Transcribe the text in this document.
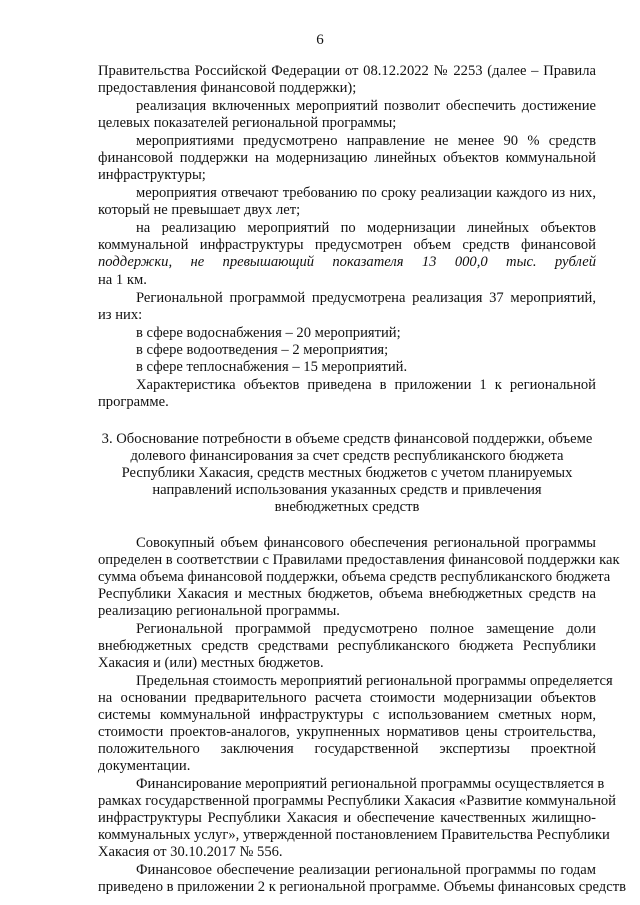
6
Правительства Российской Федерации от 08.12.2022 № 2253 (далее – Правила
предоставления финансовой поддержки);
реализация включенных мероприятий позволит обеспечить достижение
целевых показателей региональной программы;
мероприятиями предусмотрено направление не менее 90 % средств
финансовой поддержки на модернизацию линейных объектов коммунальной
инфраструктуры;
мероприятия отвечают требованию по сроку реализации каждого из них,
который не превышает двух лет;
на реализацию мероприятий по модернизации линейных объектов
коммунальной инфраструктуры предусмотрен объем средств финансовой
поддержки, не превышающий показателя 13 000,0 тыс. рублей
на 1 км.
Региональной программой предусмотрена реализация 37 мероприятий,
из них:
в сфере водоснабжения – 20 мероприятий;
в сфере водоотведения – 2 мероприятия;
в сфере теплоснабжения – 15 мероприятий.
Характеристика объектов приведена в приложении 1 к региональной
программе.
3. Обоснование потребности в объеме средств финансовой поддержки, объеме
долевого финансирования за счет средств республиканского бюджета
Республики Хакасия, средств местных бюджетов с учетом планируемых
направлений использования указанных средств и привлечения
внебюджетных средств
Совокупный объем финансового обеспечения региональной программы
определен в соответствии с Правилами предоставления финансовой поддержки как
сумма объема финансовой поддержки, объема средств республиканского бюджета
Республики Хакасия и местных бюджетов, объема внебюджетных средств на
реализацию региональной программы.
Региональной программой предусмотрено полное замещение доли
внебюджетных средств средствами республиканского бюджета Республики
Хакасия и (или) местных бюджетов.
Предельная стоимость мероприятий региональной программы определяется
на основании предварительного расчета стоимости модернизации объектов
системы коммунальной инфраструктуры с использованием сметных норм,
стоимости проектов-аналогов, укрупненных нормативов цены строительства,
положительного заключения государственной экспертизы проектной
документации.
Финансирование мероприятий региональной программы осуществляется в
рамках государственной программы Республики Хакасия «Развитие коммунальной
инфраструктуры Республики Хакасия и обеспечение качественных жилищно-
коммунальных услуг», утвержденной постановлением Правительства Республики
Хакасия от 30.10.2017 № 556.
Финансовое обеспечение реализации региональной программы по годам
приведено в приложении 2 к региональной программе. Объемы финансовых средств
